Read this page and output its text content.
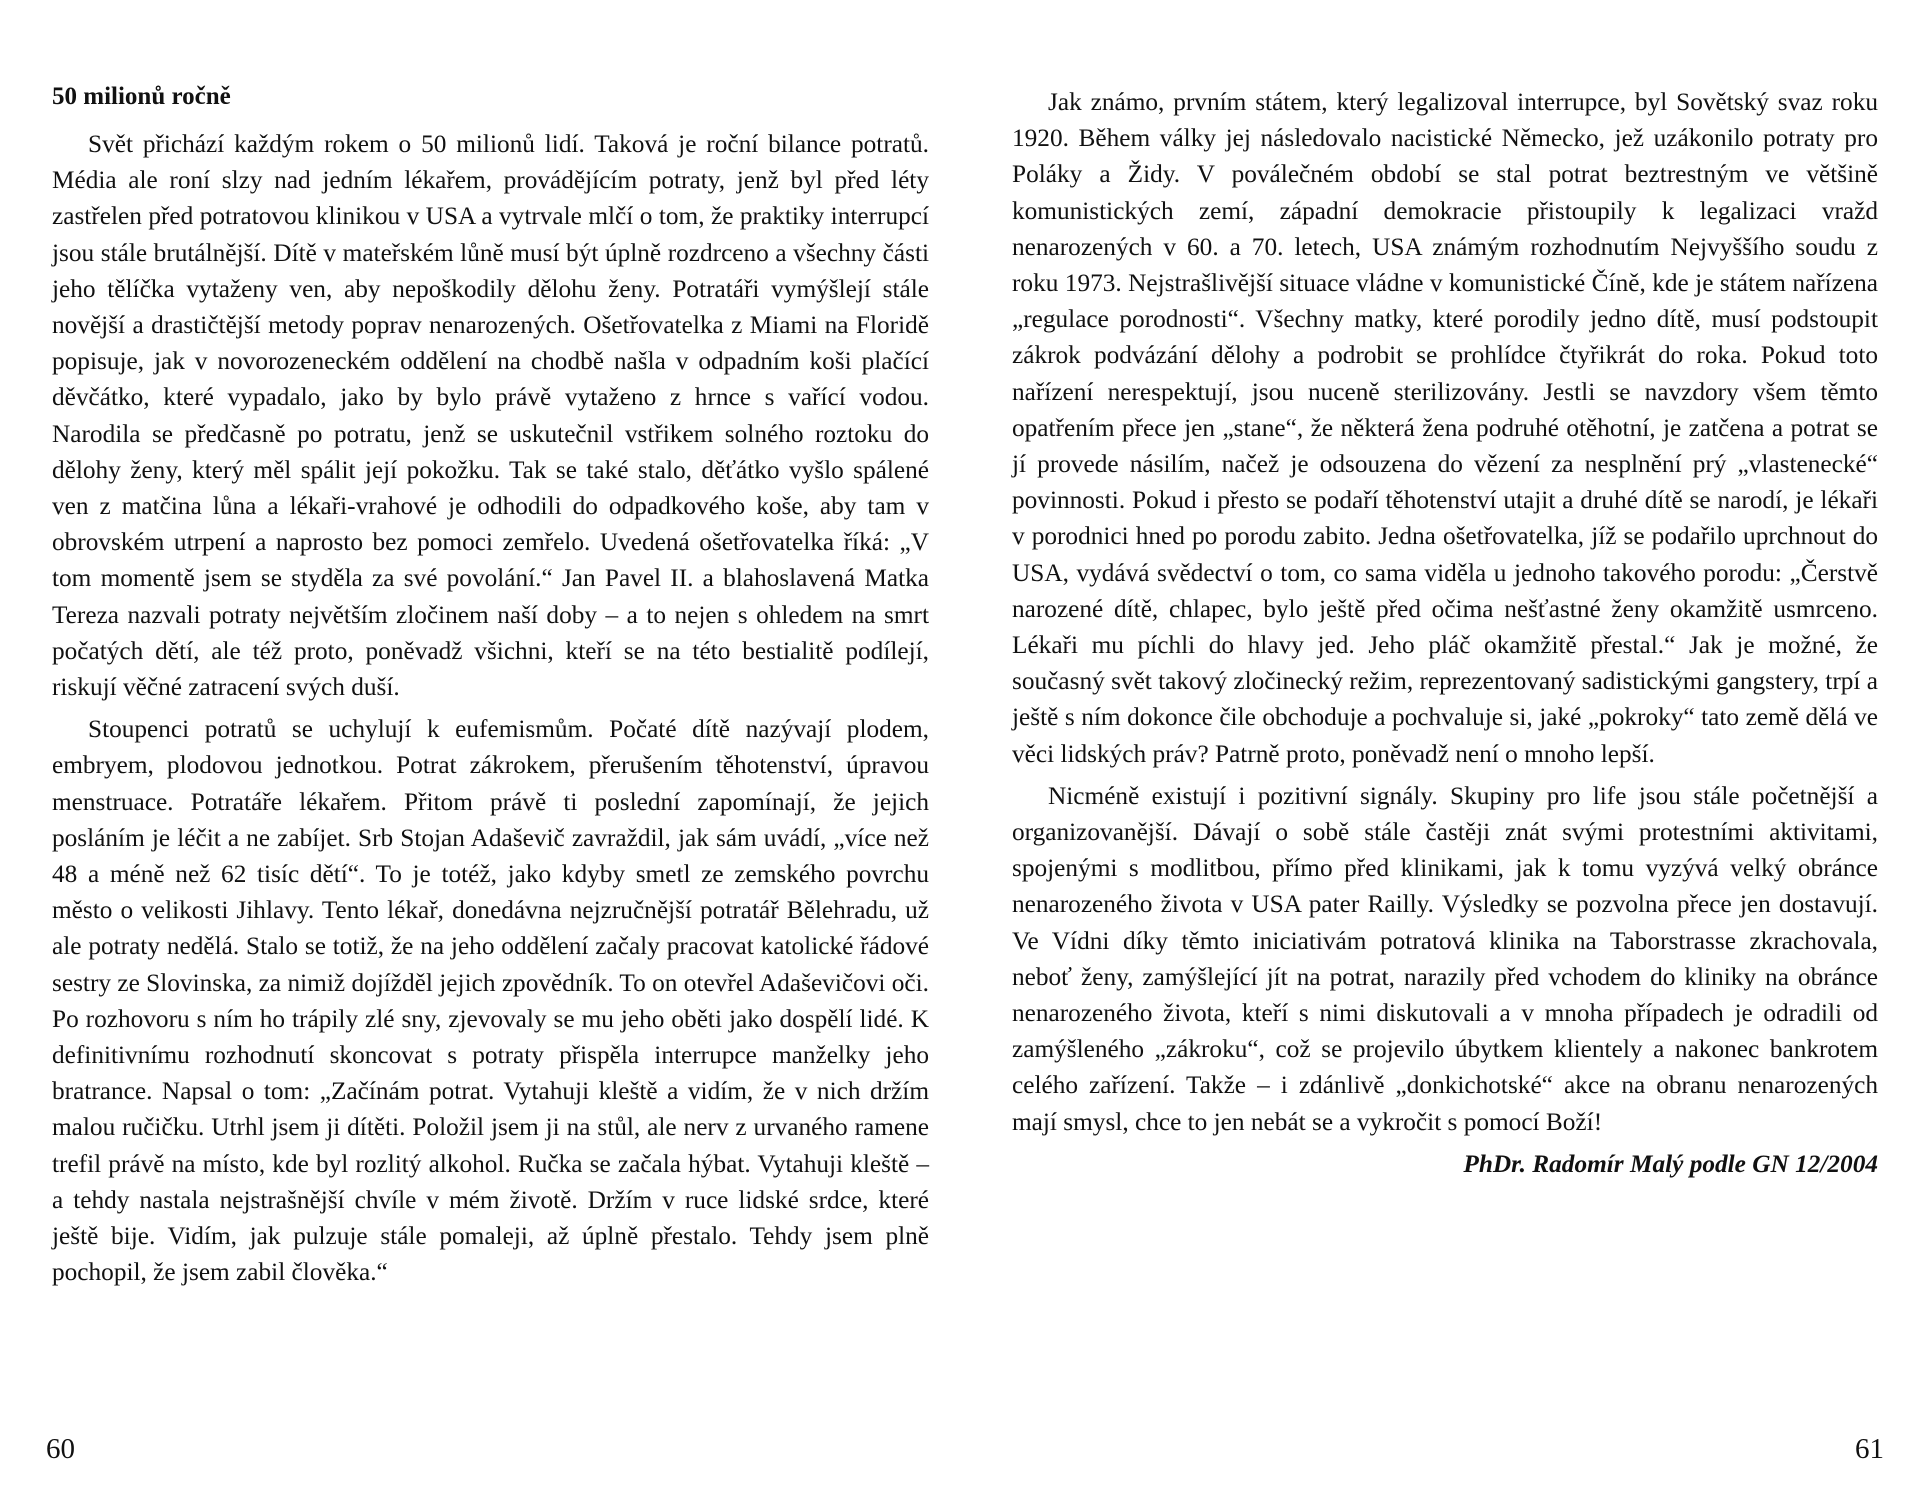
50 milionů ročně

Svět přichází každým rokem o 50 milionů lidí. Taková je roční bilance potratů. Média ale roní slzy nad jedním lékařem, provádějícím potraty, jenž byl před léty zastřelen před potratovou klinikou v USA a vytrvale mlčí o tom, že praktiky interrupcí jsou stále brutálnější. Dítě v mateřském lůně musí být úplně rozdrceno a všechny části jeho tělíčka vytaženy ven, aby nepoškodily dělohu ženy. Potratáři vymýšlejí stále novější a drastičtější metody poprav nenarozených. Ošetřovatelka z Miami na Floridě popisuje, jak v novorozeneckém oddělení na chodbě našla v odpadním koši plačící děvčátko, které vypadalo, jako by bylo právě vytaženo z hrnce s vařící vodou. Narodila se předčasně po potratu, jenž se uskutečnil vstřikem solného roztoku do dělohy ženy, který měl spálit její pokožku. Tak se také stalo, děťátko vyšlo spálené ven z matčina lůna a lékaři-vrahové je odhodili do odpadkového koše, aby tam v obrovském utrpení a naprosto bez pomoci zemřelo. Uvedená ošetřovatelka říká: „V tom momentě jsem se styděla za své povolání.“ Jan Pavel II. a blahoslavená Matka Tereza nazvali potraty největším zločinem naší doby – a to nejen s ohledem na smrt počatých dětí, ale též proto, poněvadž všichni, kteří se na této bestialitě podílejí, riskují věčné zatracení svých duší.

Stoupenci potratů se uchylují k eufemismům. Počaté dítě nazývají plodem, embryem, plodovou jednotkou. Potrat zákrokem, přerušením těhotenství, úpravou menstruace. Potratáře lékařem. Přitom právě ti poslední zapomínají, že jejich posláním je léčit a ne zabíjet. Srb Stojan Adaševič zavraždil, jak sám uvádí, „více než 48 a méně než 62 tisíc dětí“. To je totéž, jako kdyby smetl ze zemského povrchu město o velikosti Jihlavy. Tento lékař, donedávna nejzručnější potratář Bělehradu, už ale potraty nedělá. Stalo se totiž, že na jeho oddělení začaly pracovat katolické řádové sestry ze Slovinska, za nimiž dojížděl jejich zpovědník. To on otevřel Adaševičovi oči. Po rozhovoru s ním ho trápily zlé sny, zjevovaly se mu jeho oběti jako dospělí lidé. K definitivnímu rozhodnutí skoncovat s potraty přispěla interrupce manželky jeho bratrance. Napsal o tom: „Začínám potrat. Vytahuji kleště a vidím, že v nich držím malou ručičku. Utrhl jsem ji dítěti. Položil jsem ji na stůl, ale nerv z urvaného ramene trefil právě na místo, kde byl rozlitý alkohol. Ručka se začala hýbat. Vytahuji kleště – a tehdy nastala nejstrašnější chvíle v mém životě. Držím v ruce lidské srdce, které ještě bije. Vidím, jak pulzuje stále pomaleji, až úplně přestalo. Tehdy jsem plně pochopil, že jsem zabil člověka.“

60

Jak známo, prvním státem, který legalizoval interrupce, byl Sovětský svaz roku 1920. Během války jej následovalo nacistické Německo, jež uzákonilo potraty pro Poláky a Židy. V poválečném období se stal potrat beztrestným ve většině komunistických zemí, západní demokracie přistoupily k legalizaci vražd nenarozených v 60. a 70. letech, USA známým rozhodnutím Nejvyššího soudu z roku 1973. Nejstrašlivější situace vládne v komunistické Číně, kde je státem nařízena „regulace porodnosti“. Všechny matky, které porodily jedno dítě, musí podstoupit zákrok podvázání dělohy a podrobit se prohlídce čtyřikrát do roka. Pokud toto nařízení nerespektují, jsou nuceně sterilizovány. Jestli se navzdory všem těmto opatřením přece jen „stane“, že některá žena podruhé otěhotní, je zatčena a potrat se jí provede násilím, načež je odsouzena do vězení za nesplnění prý „vlastenecké“ povinnosti. Pokud i přesto se podaří těhotenství utajit a druhé dítě se narodí, je lékaři v porodnici hned po porodu zabito. Jedna ošetřovatelka, jíž se podařilo uprchnout do USA, vydává svědectví o tom, co sama viděla u jednoho takového porodu: „Čerstvě narozené dítě, chlapec, bylo ještě před očima nešťastné ženy okamžitě usmrceno. Lékaři mu píchli do hlavy jed. Jeho pláč okamžitě přestal.“ Jak je možné, že současný svět takový zločinecký režim, reprezentovaný sadistickými gangstery, trpí a ještě s ním dokonce čile obchoduje a pochvaluje si, jaké „pokroky“ tato země dělá ve věci lidských práv? Patrně proto, poněvadž není o mnoho lepší.

Nicméně existují i pozitivní signály. Skupiny pro life jsou stále početnější a organizovanější. Dávají o sobě stále častěji znát svými protestními aktivitami, spojenými s modlitbou, přímo před klinikami, jak k tomu vyzývá velký obránce nenarozeného života v USA pater Railly. Výsledky se pozvolna přece jen dostavují. Ve Vídni díky těmto iniciativám potratová klinika na Taborstrasse zkrachovala, neboť ženy, zamýšlející jít na potrat, narazily před vchodem do kliniky na obránce nenarozeného života, kteří s nimi diskutovali a v mnoha případech je odradili od zamýšleného „zákroku“, což se projevilo úbytkem klientely a nakonec bankrotem celého zařízení. Takže – i zdánlivě „donkichotské“ akce na obranu nenarozených mají smysl, chce to jen nebát se a vykročit s pomocí Boží!

PhDr. Radomír Malý podle GN 12/2004

61
